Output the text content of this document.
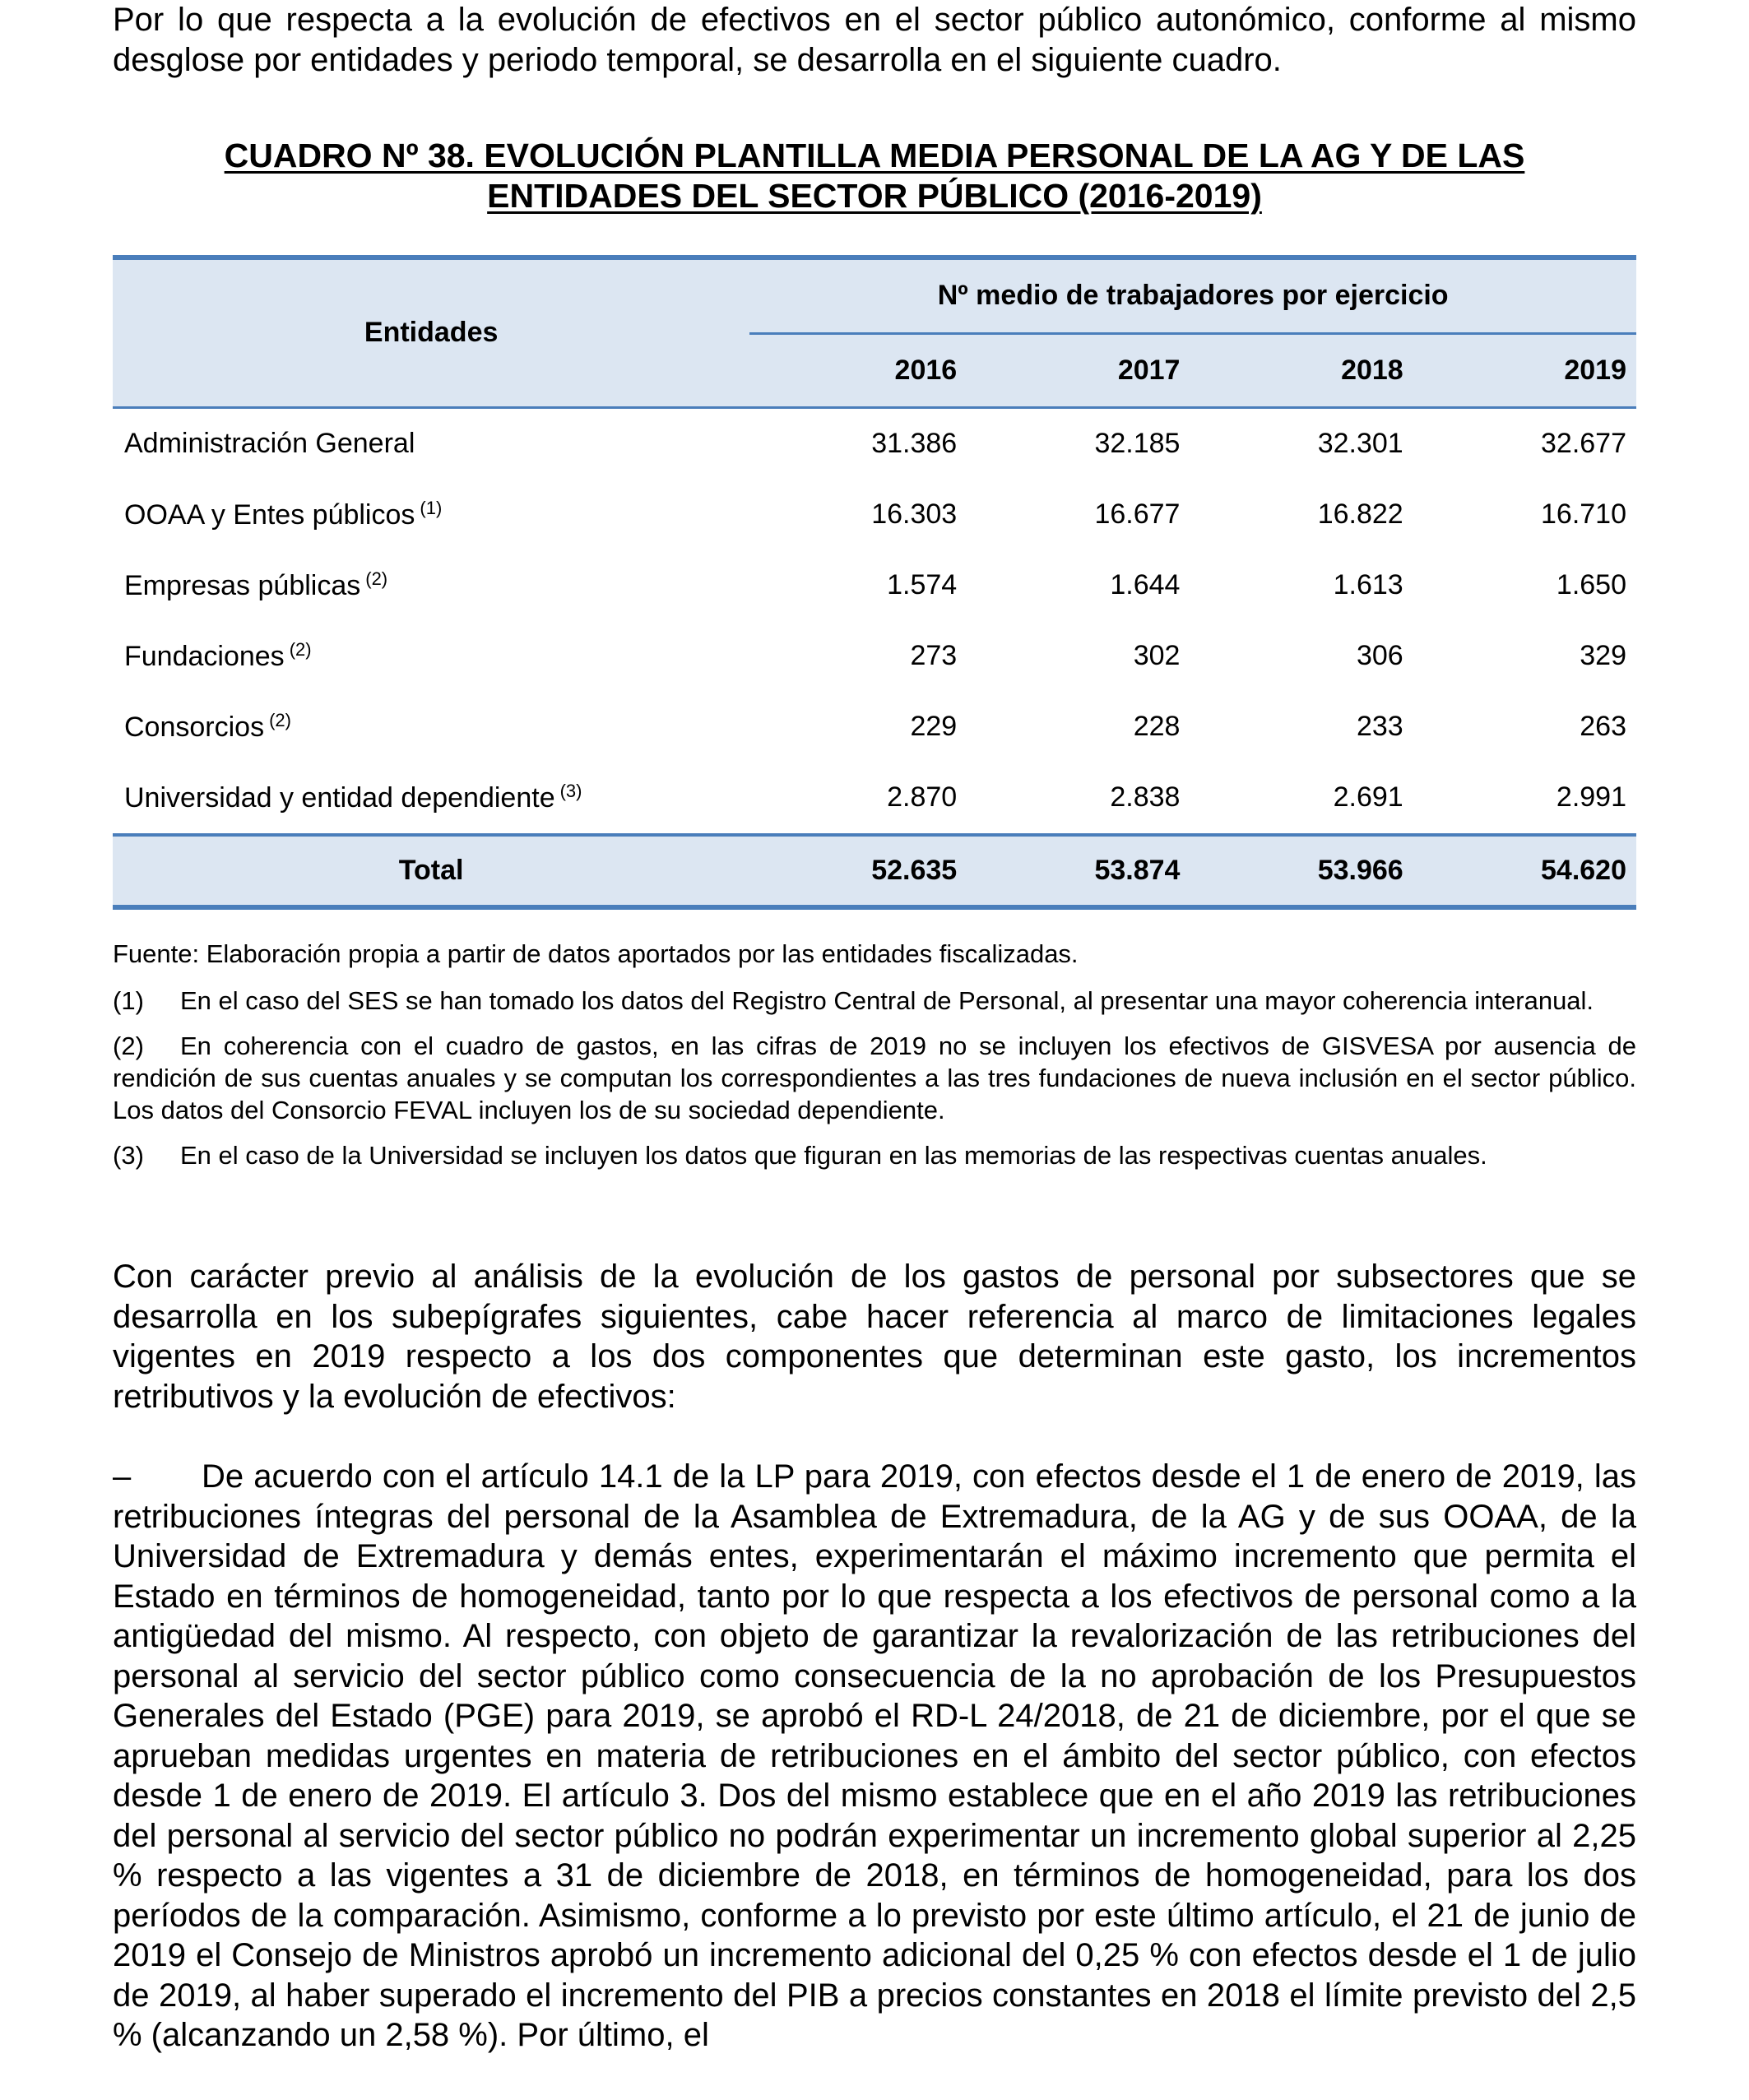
Por lo que respecta a la evolución de efectivos en el sector público autonómico, conforme al mismo desglose por entidades y periodo temporal, se desarrolla en el siguiente cuadro.

CUADRO Nº 38. EVOLUCIÓN PLANTILLA MEDIA PERSONAL DE LA AG Y DE LAS
ENTIDADES DEL SECTOR PÚBLICO (2016-2019)
Entidades	Nº medio de trabajadores por ejercicio			
	2016	2017	2018	2019
Administración General	31.386	32.185	32.301	32.677
OOAA y Entes públicos $^{(1)}$	16.303	16.677	16.822	16.710
Empresas públicas $^{(2)}$	1.574	1.644	1.613	1.650
Fundaciones $^{(2)}$	273	302	306	329
Consorcios $^{(2)}$	229	228	233	263
Universidad y entidad dependiente $^{(3)}$	2.870	2.838	2.691	2.991
Total	52.635	53.874	53.966	54.620

Fuente: Elaboración propia a partir de datos aportados por las entidades fiscalizadas.

(1) En el caso del SES se han tomado los datos del Registro Central de Personal, al presentar una mayor coherencia interanual.

(2) En coherencia con el cuadro de gastos, en las cifras de 2019 no se incluyen los efectivos de GISVESA por ausencia de rendición de sus cuentas anuales y se computan los correspondientes a las tres fundaciones de nueva inclusión en el sector público. Los datos del Consorcio FEVAL incluyen los de su sociedad dependiente.

(3) En el caso de la Universidad se incluyen los datos que figuran en las memorias de las respectivas cuentas anuales.

Con carácter previo al análisis de la evolución de los gastos de personal por subsectores que se desarrolla en los subepígrafes siguientes, cabe hacer referencia al marco de limitaciones legales vigentes en 2019 respecto a los dos componentes que determinan este gasto, los incrementos retributivos y la evolución de efectivos:

– De acuerdo con el artículo 14.1 de la LP para 2019, con efectos desde el 1 de enero de 2019, las retribuciones íntegras del personal de la Asamblea de Extremadura, de la AG y de sus OOAA, de la Universidad de Extremadura y demás entes, experimentarán el máximo incremento que permita el Estado en términos de homogeneidad, tanto por lo que respecta a los efectivos de personal como a la antigüedad del mismo. Al respecto, con objeto de garantizar la revalorización de las retribuciones del personal al servicio del sector público como consecuencia de la no aprobación de los Presupuestos Generales del Estado (PGE) para 2019, se aprobó el RD-L 24/2018, de 21 de diciembre, por el que se aprueban medidas urgentes en materia de retribuciones en el ámbito del sector público, con efectos desde 1 de enero de 2019. El artículo 3. Dos del mismo establece que en el año 2019 las retribuciones del personal al servicio del sector público no podrán experimentar un incremento global superior al 2,25 % respecto a las vigentes a 31 de diciembre de 2018, en términos de homogeneidad, para los dos períodos de la comparación. Asimismo, conforme a lo previsto por este último artículo, el 21 de junio de 2019 el Consejo de Ministros aprobó un incremento adicional del 0,25 % con efectos desde el 1 de julio de 2019, al haber superado el incremento del PIB a precios constantes en 2018 el límite previsto del 2,5 % (alcanzando un 2,58 %). Por último, el
